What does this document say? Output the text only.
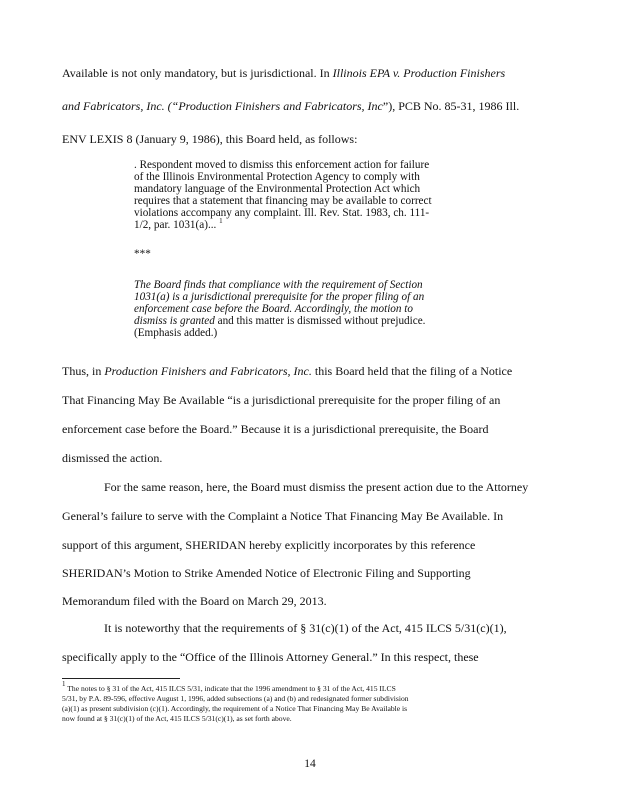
Available is not only mandatory, but is jurisdictional. In Illinois EPA v. Production Finishers
and Fabricators, Inc. (“Production Finishers and Fabricators, Inc”), PCB No. 85-31, 1986 Ill.
ENV LEXIS 8 (January 9, 1986), this Board held, as follows:
. Respondent moved to dismiss this enforcement action for failure
of the Illinois Environmental Protection Agency to comply with
mandatory language of the Environmental Protection Act which
requires that a statement that financing may be available to correct
violations accompany any complaint. Ill. Rev. Stat. 1983, ch. 111-
1/2, par. 1031(a)... $^1$
***
The Board finds that compliance with the requirement of Section
1031(a) is a jurisdictional prerequisite for the proper filing of an
enforcement case before the Board. Accordingly, the motion to
dismiss is granted and this matter is dismissed without prejudice.
(Emphasis added.)
Thus, in Production Finishers and Fabricators, Inc. this Board held that the filing of a Notice
That Financing May Be Available “is a jurisdictional prerequisite for the proper filing of an
enforcement case before the Board.” Because it is a jurisdictional prerequisite, the Board
dismissed the action.
For the same reason, here, the Board must dismiss the present action due to the Attorney
General’s failure to serve with the Complaint a Notice That Financing May Be Available. In
support of this argument, SHERIDAN hereby explicitly incorporates by this reference
SHERIDAN’s Motion to Strike Amended Notice of Electronic Filing and Supporting
Memorandum filed with the Board on March 29, 2013.
It is noteworthy that the requirements of § 31(c)(1) of the Act, 415 ILCS 5/31(c)(1),
specifically apply to the “Office of the Illinois Attorney General.” In this respect, these
$^1$ The notes to § 31 of the Act, 415 ILCS 5/31, indicate that the 1996 amendment to § 31 of the Act, 415 ILCS
5/31, by P.A. 89-596, effective August 1, 1996, added subsections (a) and (b) and redesignated former subdivision
(a)(1) as present subdivision (c)(1). Accordingly, the requirement of a Notice That Financing May Be Available is
now found at § 31(c)(1) of the Act, 415 ILCS 5/31(c)(1), as set forth above.
14
